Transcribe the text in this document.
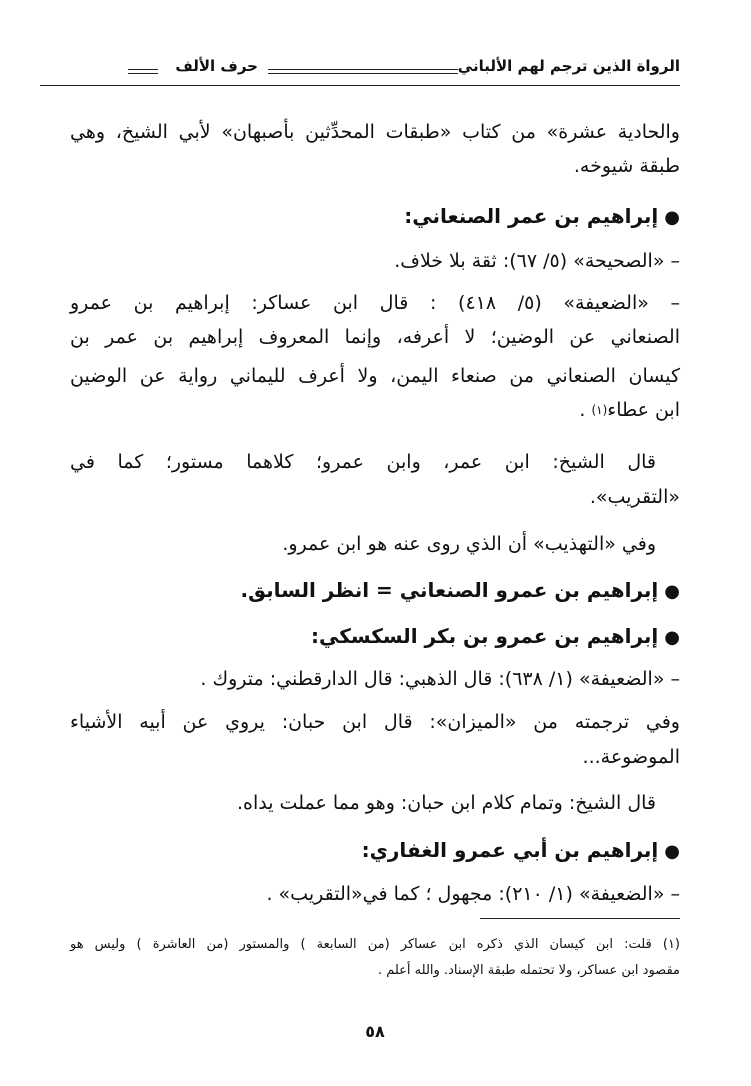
الرواة الذين ترجم لهم الألباني
حرف الألف
والحادية عشرة» من كتاب «طبقات المحدِّثين بأصبهان» لأبي الشيخ، وهي
طبقة شيوخه.
●إبراهيم بن عمر الصنعاني:
– «الصحيحة» (٥/ ٦٧): ثقة بلا خلاف.
– «الضعيفة» (٥/ ٤١٨) : قال ابن عساكر: إبراهيم بن عمرو
الصنعاني عن الوضين؛ لا أعرفه، وإنما المعروف إبراهيم بن عمر بن
كيسان الصنعاني من صنعاء اليمن، ولا أعرف لليماني رواية عن الوضين
ابن عطاء$^{(١)}$ .
قال الشيخ: ابن عمر، وابن عمرو؛ كلاهما مستور؛ كما في
«التقريب».
وفي «التهذيب» أن الذي روى عنه هو ابن عمرو.
●إبراهيم بن عمرو الصنعاني = انظر السابق.
●إبراهيم بن عمرو بن بكر السكسكي:
– «الضعيفة» (١/ ٦٣٨): قال الذهبي: قال الدارقطني: متروك .
وفي ترجمته من «الميزان»: قال ابن حبان: يروي عن أبيه الأشياء
الموضوعة...
قال الشيخ: وتمام كلام ابن حبان: وهو مما عملت يداه.
●إبراهيم بن أبي عمرو الغفاري:
– «الضعيفة» (١/ ٢١٠): مجهول ؛ كما في«التقريب» .
(١) قلت: ابن كيسان الذي ذكره ابن عساكر (من السابعة ) والمستور (من العاشرة ) وليس هو
مقصود ابن عساكر، ولا تحتمله طبقة الإسناد. والله أعلم .
٥٨
